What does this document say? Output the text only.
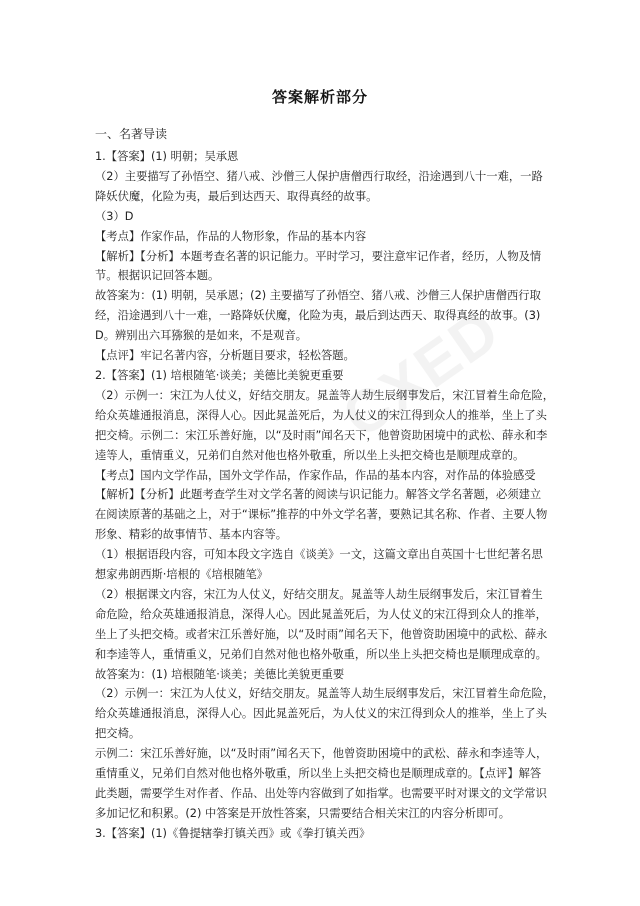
答案解析部分
一、名著导读

1.【答案】(1) 明朝；吴承恩

（2）主要描写了孙悟空、猪八戒、沙僧三人保护唐僧西行取经，沿途遇到八十一难，一路

降妖伏魔，化险为夷，最后到达西天、取得真经的故事。

（3）D

【考点】作家作品，作品的人物形象，作品的基本内容

【解析】【分析】本题考查名著的识记能力。平时学习，要注意牢记作者，经历，人物及情

节。根据识记回答本题。

故答案为：(1) 明朝，吴承恩；(2) 主要描写了孙悟空、猪八戒、沙僧三人保护唐僧西行取

经，沿途遇到八十一难，一路降妖伏魔，化险为夷，最后到达西天、取得真经的故事。(3)

D。辨别出六耳猕猴的是如来，不是观音。

【点评】牢记名著内容，分析题目要求，轻松答题。

2.【答案】(1) 培根随笔·谈美；美德比美貌更重要

（2）示例一：宋江为人仗义，好结交朋友。晁盖等人劫生辰纲事发后，宋江冒着生命危险，

给众英雄通报消息，深得人心。因此晁盖死后，为人仗义的宋江得到众人的推举，坐上了头

把交椅。示例二：宋江乐善好施，以“及时雨”闻名天下，他曾资助困境中的武松、薛永和李

逵等人，重情重义，兄弟们自然对他也格外敬重，所以坐上头把交椅也是顺理成章的。

【考点】国内文学作品，国外文学作品，作家作品，作品的基本内容，对作品的体验感受

【解析】【分析】此题考查学生对文学名著的阅读与识记能力。解答文学名著题，必须建立

在阅读原著的基础之上，对于“课标”推荐的中外文学名著，要熟记其名称、作者、主要人物

形象、精彩的故事情节、基本内容等。

（1）根据语段内容，可知本段文字选自《谈美》一文，这篇文章出自英国十七世纪著名思

想家弗朗西斯·培根的《培根随笔》

（2）根据课文内容，宋江为人仗义，好结交朋友。晁盖等人劫生辰纲事发后，宋江冒着生

命危险，给众英雄通报消息，深得人心。因此晁盖死后，为人仗义的宋江得到众人的推举，

坐上了头把交椅。或者宋江乐善好施，以“及时雨”闻名天下，他曾资助困境中的武松、薛永

和李逵等人，重情重义，兄弟们自然对他也格外敬重，所以坐上头把交椅也是顺理成章的。

故答案为：(1) 培根随笔·谈美；美德比美貌更重要

（2）示例一：宋江为人仗义，好结交朋友。晁盖等人劫生辰纲事发后，宋江冒着生命危险，

给众英雄通报消息，深得人心。因此晁盖死后，为人仗义的宋江得到众人的推举，坐上了头

把交椅。

示例二：宋江乐善好施，以“及时雨”闻名天下，他曾资助困境中的武松、薛永和李逵等人，

重情重义，兄弟们自然对他也格外敬重，所以坐上头把交椅也是顺理成章的。【点评】解答

此类题，需要学生对作者、作品、出处等内容做到了如指掌。也需要平时对课文的文学常识

多加记忆和积累。(2) 中答案是开放性答案，只需要结合相关宋江的内容分析即可。

3.【答案】(1)《鲁提辖拳打镇关西》或《拳打镇关西》
